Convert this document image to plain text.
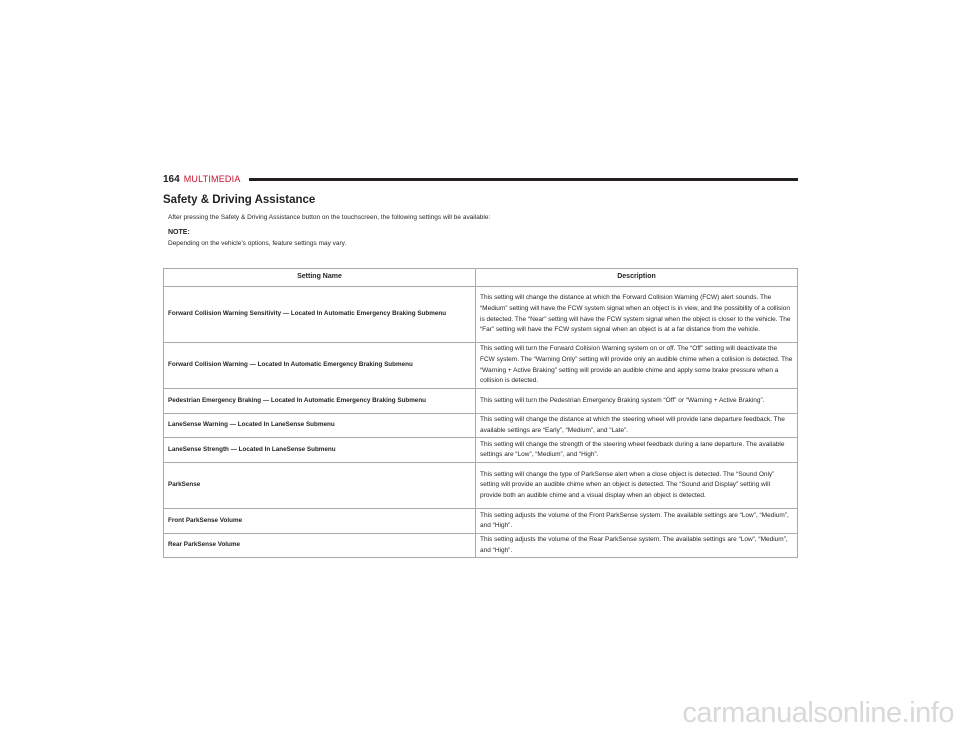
164 MULTIMEDIA
Safety & Driving Assistance

After pressing the Safety & Driving Assistance button on the touchscreen, the following settings will be available:

NOTE:

Depending on the vehicle’s options, feature settings may vary.

Setting Name	Description
Forward Collision Warning Sensitivity — Located In Automatic Emergency Braking Submenu	This setting will change the distance at which the Forward Collision Warning (FCW) alert sounds. The “Medium” setting will have the FCW system signal when an object is in view, and the possibility of a collision is detected. The “Near” setting will have the FCW system signal when the object is closer to the vehicle. The “Far” setting will have the FCW system signal when an object is at a far distance from the vehicle.
Forward Collision Warning — Located In Automatic Emergency Braking Submenu	This setting will turn the Forward Collision Warning system on or off. The “Off” setting will deactivate the FCW system. The “Warning Only” setting will provide only an audible chime when a collision is detected. The “Warning + Active Braking” setting will provide an audible chime and apply some brake pressure when a collision is detected.
Pedestrian Emergency Braking — Located In Automatic Emergency Braking Submenu	This setting will turn the Pedestrian Emergency Braking system “Off” or “Warning + Active Braking”.
LaneSense Warning — Located In LaneSense Submenu	This setting will change the distance at which the steering wheel will provide lane departure feedback. The available settings are “Early”, “Medium”, and “Late”.
LaneSense Strength — Located In LaneSense Submenu	This setting will change the strength of the steering wheel feedback during a lane departure. The available settings are “Low”, “Medium”, and “High”.
ParkSense	This setting will change the type of ParkSense alert when a close object is detected. The “Sound Only” setting will provide an audible chime when an object is detected. The “Sound and Display” setting will provide both an audible chime and a visual display when an object is detected.
Front ParkSense Volume	This setting adjusts the volume of the Front ParkSense system. The available settings are “Low”, “Medium”, and “High”.
Rear ParkSense Volume	This setting adjusts the volume of the Rear ParkSense system. The available settings are “Low”, “Medium”, and “High”.
carmanualsonline.info
